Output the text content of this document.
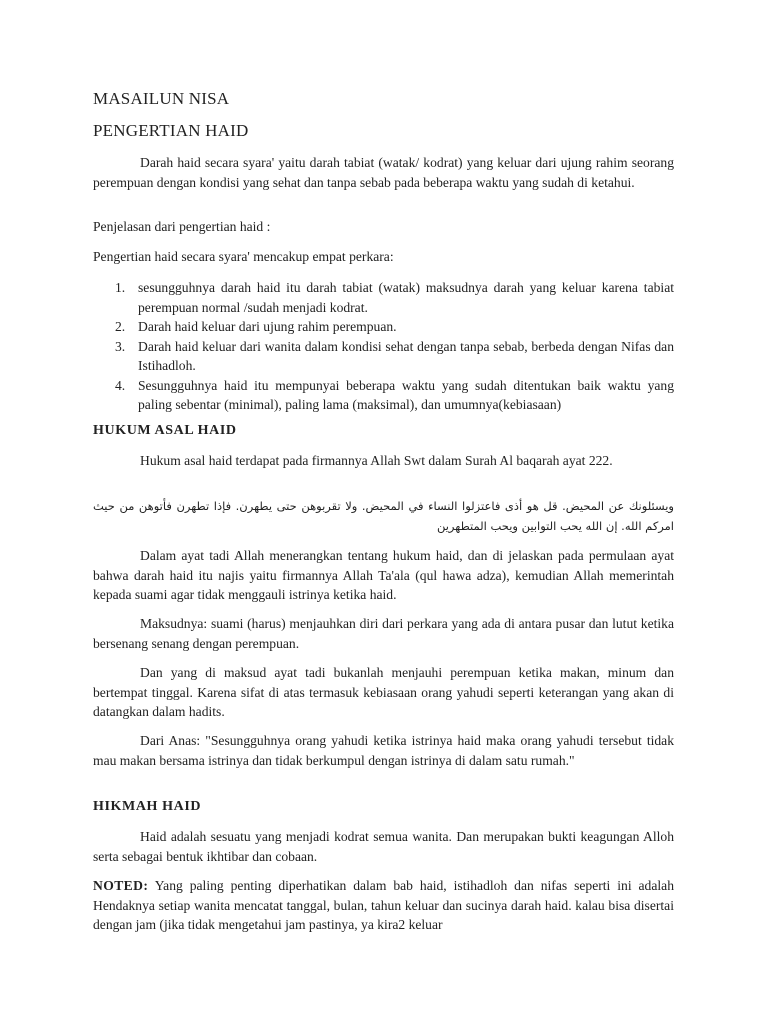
MASAILUN NISA
PENGERTIAN HAID

Darah haid secara syara' yaitu darah tabiat (watak/ kodrat) yang keluar dari ujung rahim seorang perempuan dengan kondisi yang sehat dan tanpa sebab pada beberapa waktu yang sudah di ketahui.

Penjelasan dari pengertian haid :

Pengertian haid secara syara' mencakup empat perkara:

1. sesungguhnya darah haid itu darah tabiat (watak) maksudnya darah yang keluar karena tabiat perempuan normal /sudah menjadi kodrat.
2. Darah haid keluar dari ujung rahim perempuan.
3. Darah haid keluar dari wanita dalam kondisi sehat dengan tanpa sebab, berbeda dengan Nifas dan Istihadloh.
4. Sesungguhnya haid itu mempunyai beberapa waktu yang sudah ditentukan baik waktu yang paling sebentar (minimal), paling lama (maksimal), dan umumnya(kebiasaan)
HUKUM ASAL HAID

Hukum asal haid terdapat pada firmannya Allah Swt dalam Surah Al baqarah ayat 222.

ويسئلونك عن المحيض. قل هو أذى فاعتزلوا النساء في المحيض. ولا تقربوهن حتى يطهرن. فإذا تطهرن فأتوهن من حيث امركم الله. إن الله يحب التوابين ويحب المتطهرين

Dalam ayat tadi Allah menerangkan tentang hukum haid, dan di jelaskan pada permulaan ayat bahwa darah haid itu najis yaitu firmannya Allah Ta'ala (qul hawa adza), kemudian Allah memerintah kepada suami agar tidak menggauli istrinya ketika haid.

Maksudnya: suami (harus) menjauhkan diri dari perkara yang ada di antara pusar dan lutut ketika bersenang senang dengan perempuan.

Dan yang di maksud ayat tadi bukanlah menjauhi perempuan ketika makan, minum dan bertempat tinggal. Karena sifat di atas termasuk kebiasaan orang yahudi seperti keterangan yang akan di datangkan dalam hadits.

Dari Anas: "Sesungguhnya orang yahudi ketika istrinya haid maka orang yahudi tersebut tidak mau makan bersama istrinya dan tidak berkumpul dengan istrinya di dalam satu rumah."

HIKMAH HAID

Haid adalah sesuatu yang menjadi kodrat semua wanita. Dan merupakan bukti keagungan Alloh serta sebagai bentuk ikhtibar dan cobaan.

NOTED: Yang paling penting diperhatikan dalam bab haid, istihadloh dan nifas seperti ini adalah Hendaknya setiap wanita mencatat tanggal, bulan, tahun keluar dan sucinya darah haid. kalau bisa disertai dengan jam (jika tidak mengetahui jam pastinya, ya kira2 keluar
